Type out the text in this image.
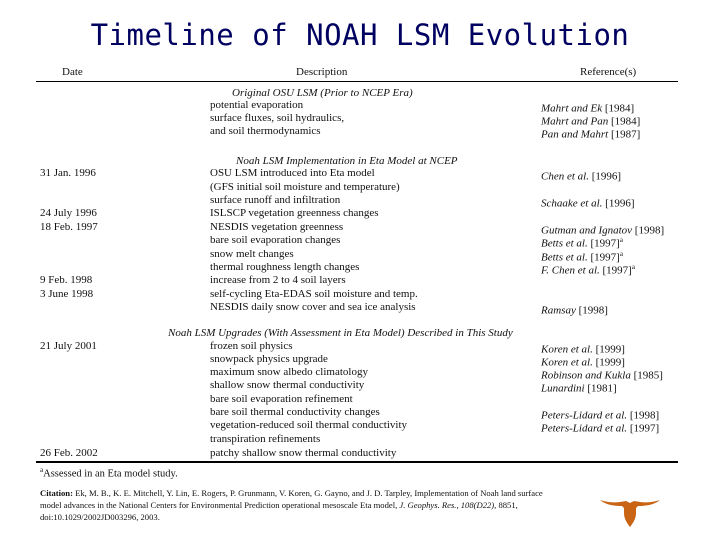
Timeline of NOAH LSM Evolution
Date	Description	Reference(s)
Original OSU LSM (Prior to NCEP Era)
Noah LSM Implementation in Eta Model at NCEP
Noah LSM Upgrades (With Assessment in Eta Model) Described in This Study
potential evaporation	Mahrt and Ek [1984]
surface fluxes, soil hydraulics,	Mahrt and Pan [1984]
and soil thermodynamics	Pan and Mahrt [1987]
31 Jan. 1996	OSU LSM introduced into Eta model	Chen et al. [1996]
(GFS initial soil moisture and temperature)
surface runoff and infiltration	Schaake et al. [1996]
24 July 1996	ISLSCP vegetation greenness changes
18 Feb. 1997	NESDIS vegetation greenness	Gutman and Ignatov [1998]
bare soil evaporation changes	Betts et al. $[1997]^a$
snow melt changes	Betts et al. $[1997]^a$
thermal roughness length changes	F. Chen et al. $[1997]^a$
9 Feb. 1998	increase from 2 to 4 soil layers
3 June 1998	self-cycling Eta-EDAS soil moisture and temp.
NESDIS daily snow cover and sea ice analysis	Ramsay [1998]
21 July 2001	frozen soil physics	Koren et al. [1999]
snowpack physics upgrade	Koren et al. [1999]
maximum snow albedo climatology	Robinson and Kukla [1985]
shallow snow thermal conductivity	Lunardini [1981]
bare soil evaporation refinement
bare soil thermal conductivity changes	Peters-Lidard et al. [1998]
vegetation-reduced soil thermal conductivity	Peters-Lidard et al. [1997]
transpiration refinements
26 Feb. 2002	patchy shallow snow thermal conductivity
$^a$Assessed in an Eta model study.
Citation: Ek, M. B., K. E. Mitchell, Y. Lin, E. Rogers, P. Grunmann, V. Koren, G. Gayno, and J. D. Tarpley, Implementation of Noah land surface model advances in the National Centers for Environmental Prediction operational mesoscale Eta model, J. Geophys. Res., 108(D22), 8851, doi:10.1029/2002JD003296, 2003.
